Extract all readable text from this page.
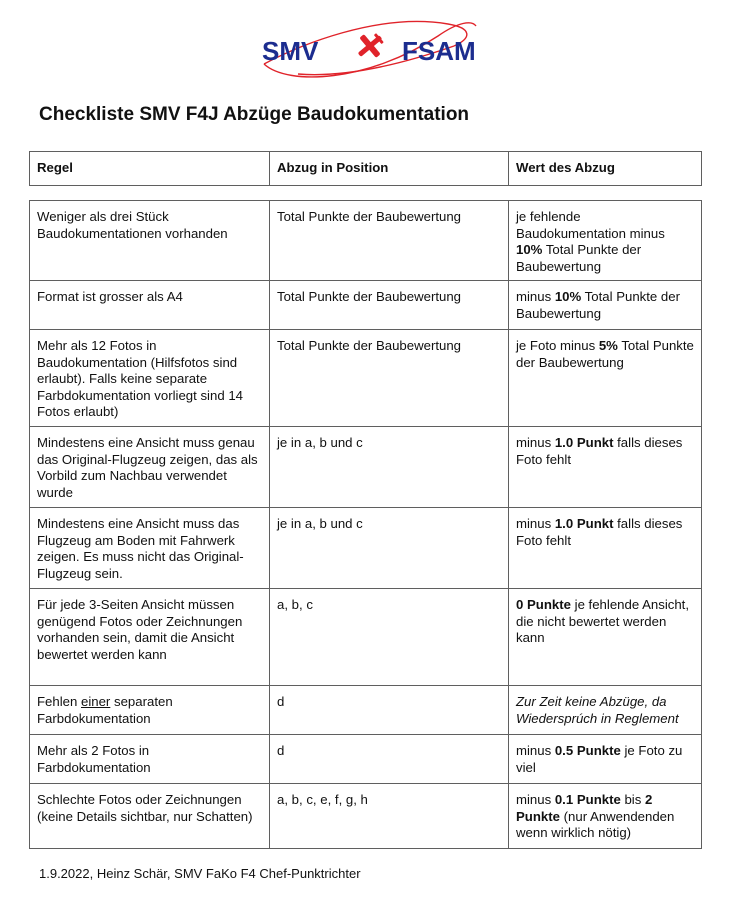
SMV	FSAM
Checkliste SMV F4J Abzüge Baudokumentation
Regel	Abzug in Position	Wert des Abzug
Weniger als drei Stück Baudokumentationen vorhanden	Total Punkte der Baubewertung	je fehlende Baudokumentation minus 10% Total Punkte der Baubewertung
Format ist grosser als A4	Total Punkte der Baubewertung	minus 10% Total Punkte der Baubewertung
Mehr als 12 Fotos in Baudokumentation (Hilfsfotos sind erlaubt). Falls keine separate Farbdokumentation vorliegt sind 14 Fotos erlaubt)	Total Punkte der Baubewertung	je Foto minus 5% Total Punkte der Baubewertung
Mindestens eine Ansicht muss genau das Original-Flugzeug zeigen, das als Vorbild zum Nachbau verwendet wurde	je in a, b und c	minus 1.0 Punkt falls dieses Foto fehlt
Mindestens eine Ansicht muss das Flugzeug am Boden mit Fahrwerk zeigen. Es muss nicht das Original-Flugzeug sein.	je in a, b und c	minus 1.0 Punkt falls dieses Foto fehlt
Für jede 3-Seiten Ansicht müssen genügend Fotos oder Zeichnungen vorhanden sein, damit die Ansicht bewertet werden kann	a, b, c	0 Punkte je fehlende Ansicht, die nicht bewertet werden kann
Fehlen einer separaten Farbdokumentation	d	Zur Zeit keine Abzüge, da Wiedersprúch in Reglement
Mehr als 2 Fotos in Farbdokumentation	d	minus 0.5 Punkte je Foto zu viel
Schlechte Fotos oder Zeichnungen (keine Details sichtbar, nur Schatten)	a, b, c, e, f, g, h	minus 0.1 Punkte bis 2 Punkte (nur Anwendenden wenn wirklich nötig)
1.9.2022, Heinz Schär, SMV FaKo F4 Chef-Punktrichter
